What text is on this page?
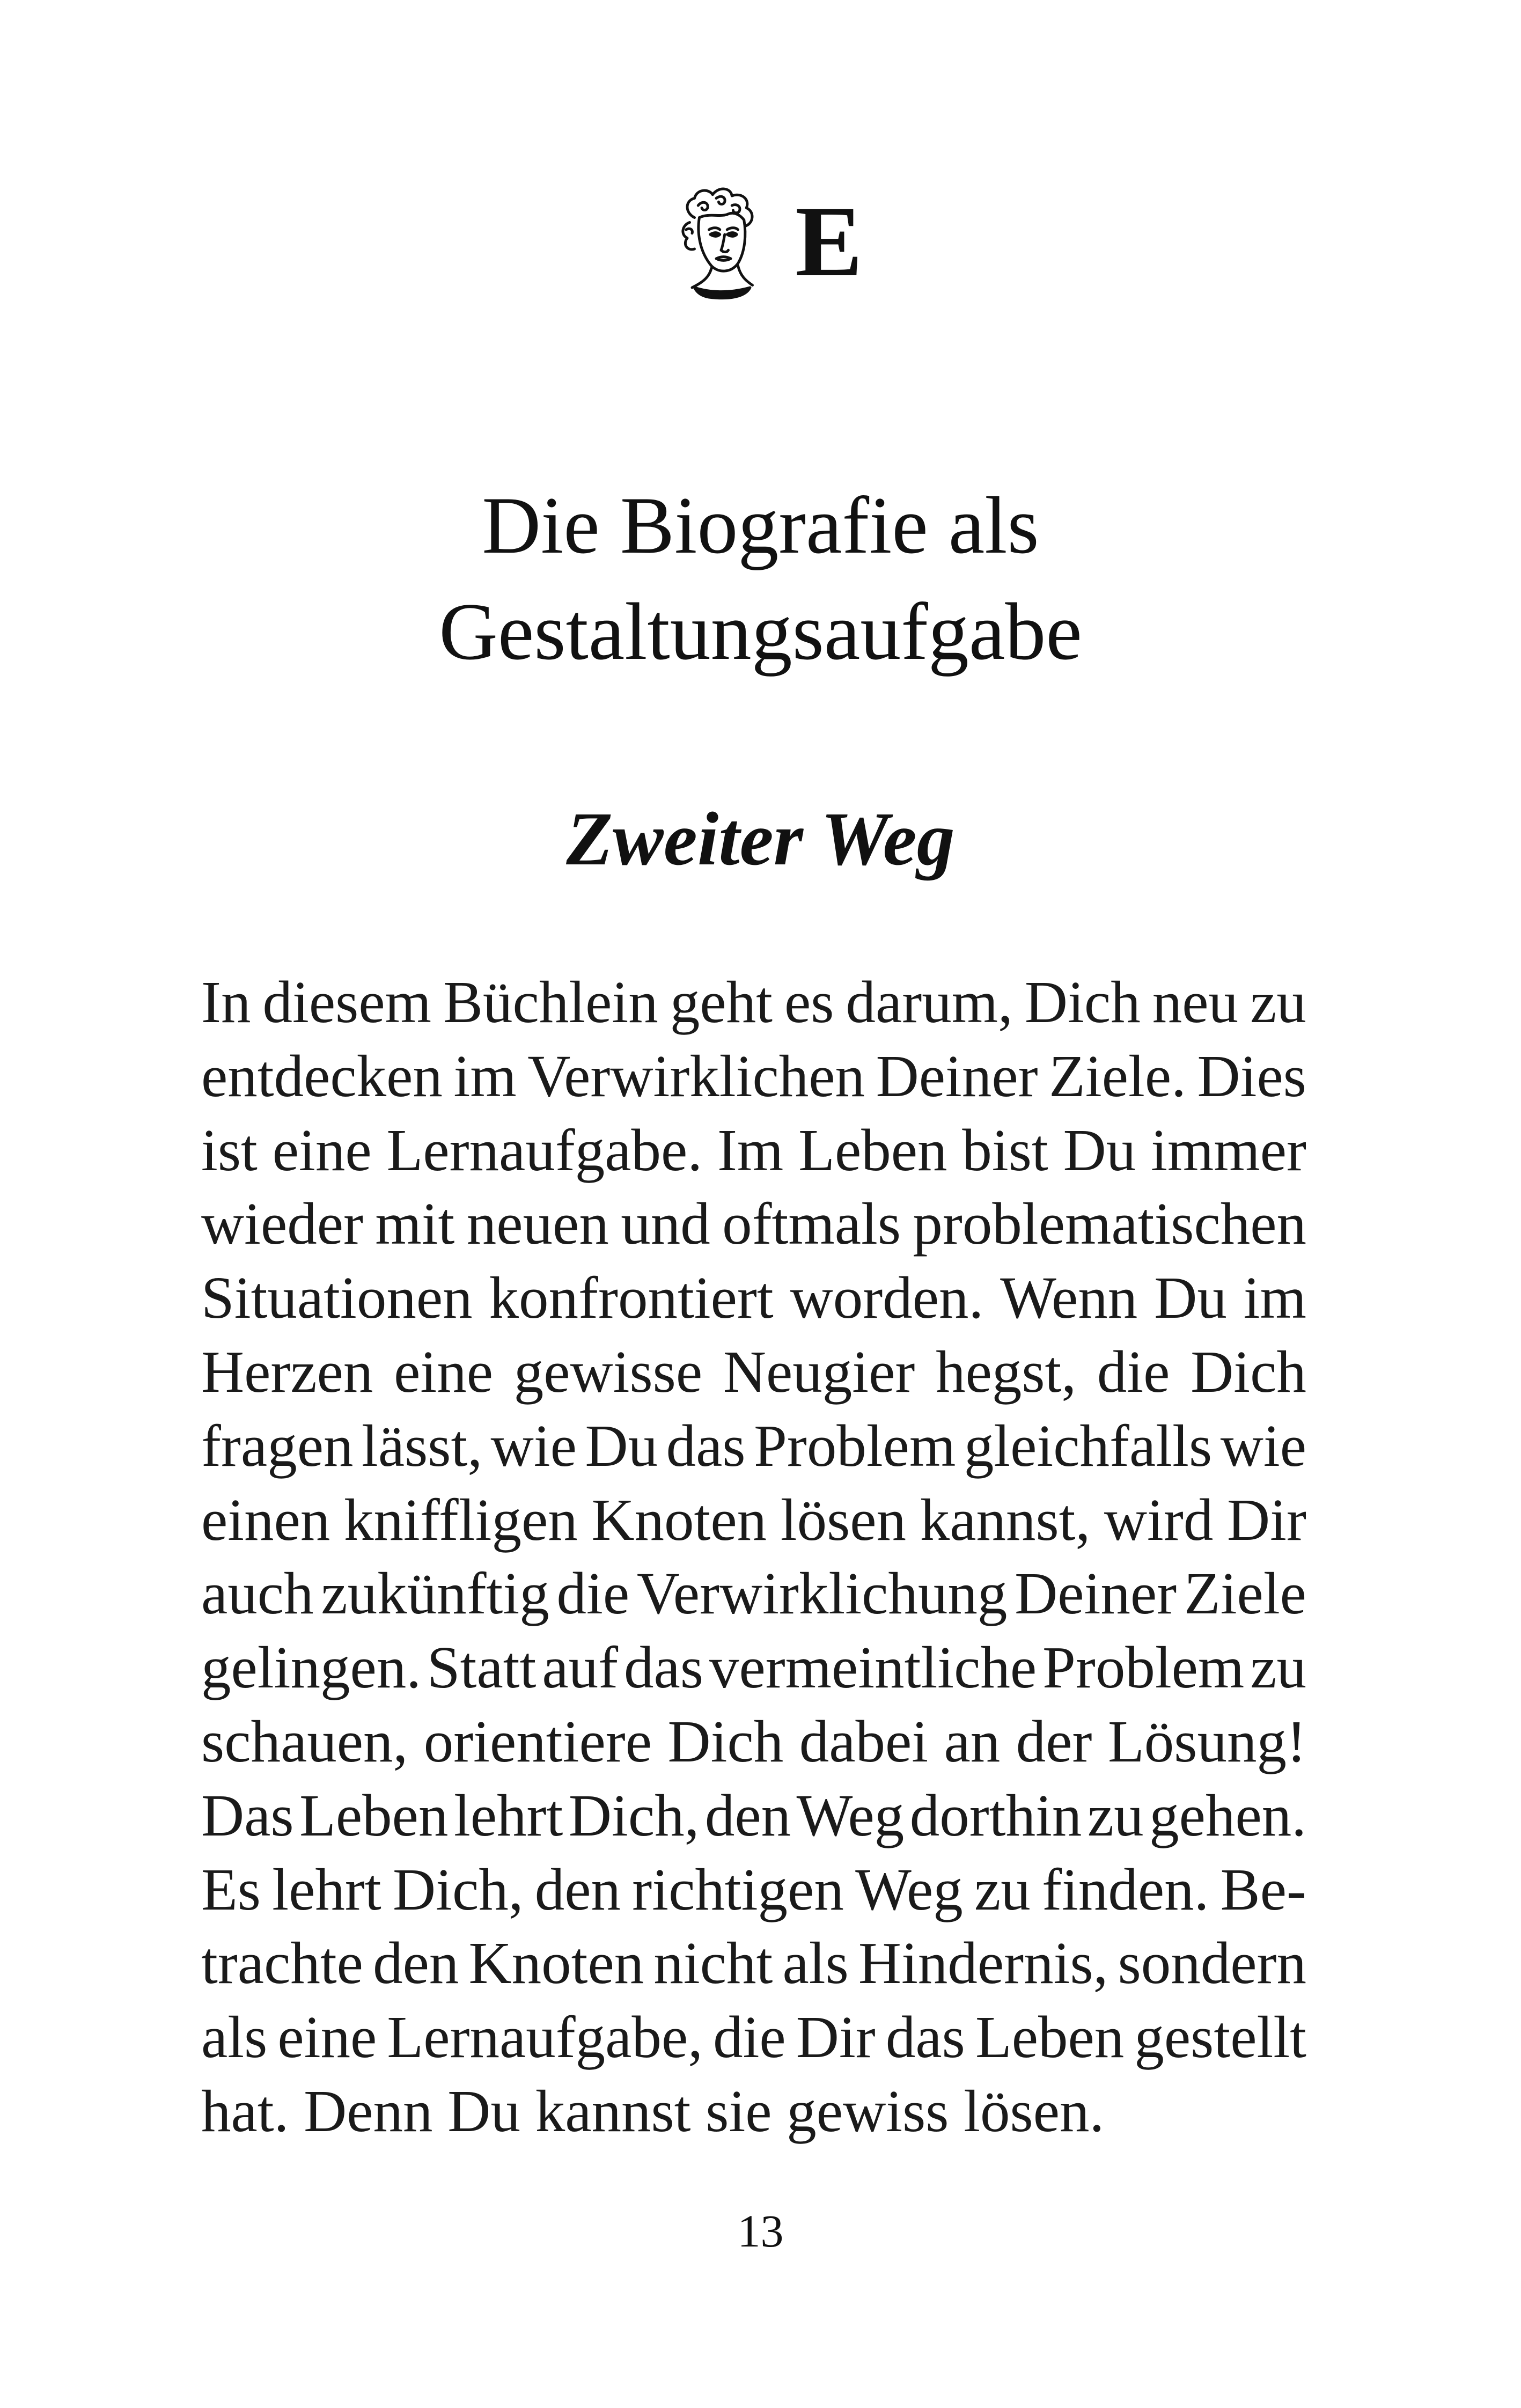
E
Die Biografie als
Gestaltungsaufgabe
Zweiter Weg
In diesem Büchlein geht es darum, Dich neu zu
entdecken im Verwirklichen Deiner Ziele. Dies
ist eine Lernaufgabe. Im Leben bist Du immer
wieder mit neuen und oftmals problematischen
Situationen konfrontiert worden. Wenn Du im
Herzen eine gewisse Neugier hegst, die Dich
fragen lässt, wie Du das Problem gleichfalls wie
einen kniffligen Knoten lösen kannst, wird Dir
auch zukünftig die Verwirklichung Deiner Ziele
gelingen. Statt auf das vermeintliche Problem zu
schauen, orientiere Dich dabei an der Lösung!
Das Leben lehrt Dich, den Weg dorthin zu gehen.
Es lehrt Dich, den richtigen Weg zu finden. Be-
trachte den Knoten nicht als Hindernis, sondern
als eine Lernaufgabe, die Dir das Leben gestellt
hat. Denn Du kannst sie gewiss lösen.
13
